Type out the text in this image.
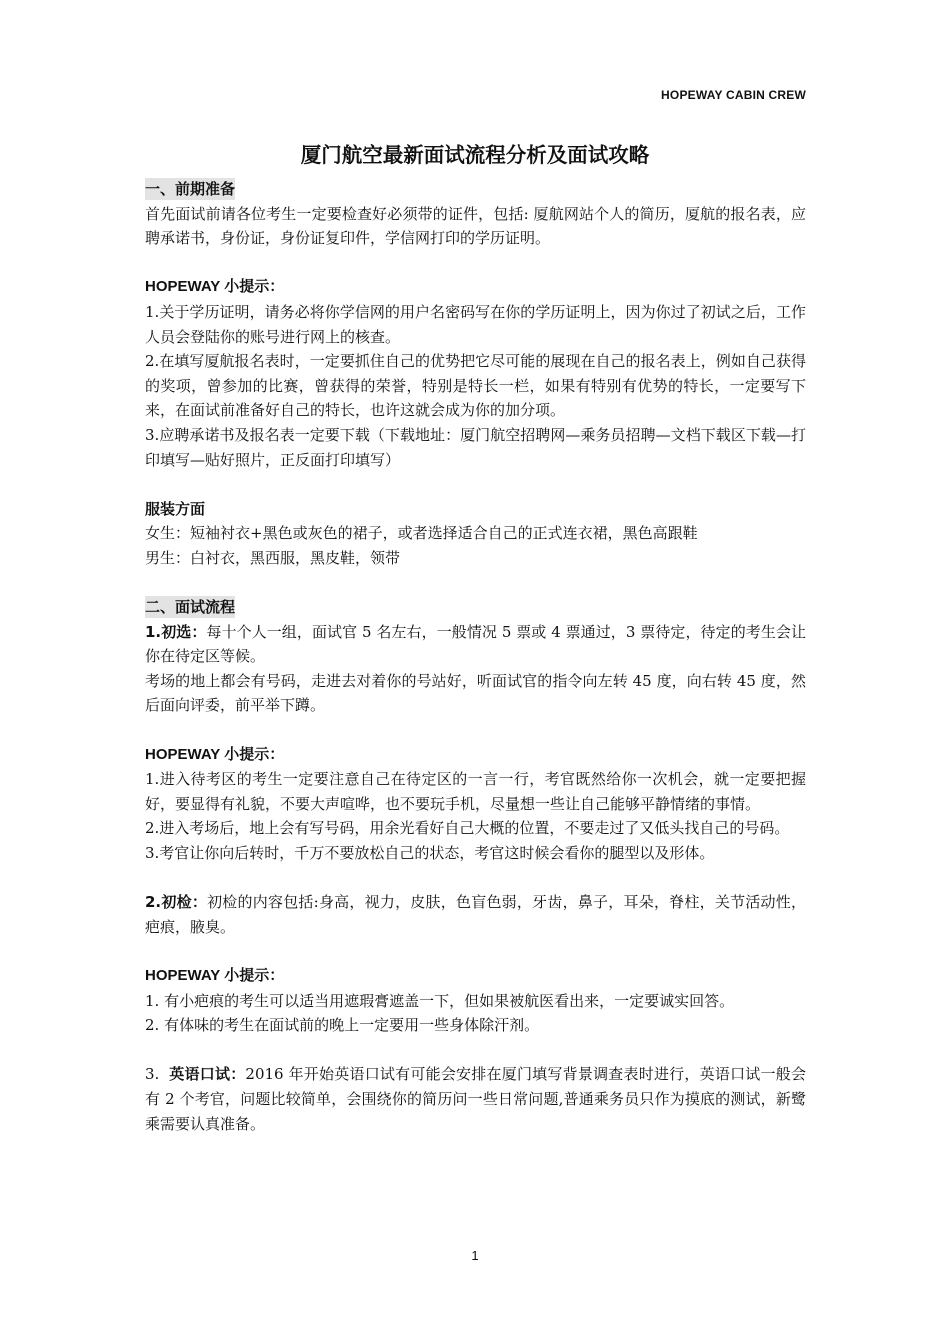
HOPEWAY CABIN CREW
厦门航空最新面试流程分析及面试攻略

一、前期准备

首先面试前请各位考生一定要检查好必须带的证件，包括: 厦航网站个人的简历，厦航的报名表，应聘承诺书，身份证，身份证复印件，学信网打印的学历证明。

HOPEWAY 小提示：

1.关于学历证明，请务必将你学信网的用户名密码写在你的学历证明上，因为你过了初试之后，工作人员会登陆你的账号进行网上的核查。

2.在填写厦航报名表时，一定要抓住自己的优势把它尽可能的展现在自己的报名表上，例如自己获得的奖项，曾参加的比赛，曾获得的荣誉，特别是特长一栏，如果有特别有优势的特长，一定要写下来，在面试前准备好自己的特长，也许这就会成为你的加分项。

3.应聘承诺书及报名表一定要下载（下载地址：厦门航空招聘网—乘务员招聘—文档下载区下载—打印填写—贴好照片，正反面打印填写）

服装方面

女生：短袖衬衣+黑色或灰色的裙子，或者选择适合自己的正式连衣裙，黑色高跟鞋

男生：白衬衣，黑西服，黑皮鞋，领带

二、面试流程

1.初选：每十个人一组，面试官 5 名左右，一般情况 5 票或 4 票通过，3 票待定，待定的考生会让你在待定区等候。

考场的地上都会有号码，走进去对着你的号站好，听面试官的指令向左转 45 度，向右转 45 度，然后面向评委，前平举下蹲。

HOPEWAY 小提示：

1.进入待考区的考生一定要注意自己在待定区的一言一行，考官既然给你一次机会，就一定要把握好，要显得有礼貌，不要大声喧哗，也不要玩手机，尽量想一些让自己能够平静情绪的事情。

2.进入考场后，地上会有写号码，用余光看好自己大概的位置，不要走过了又低头找自己的号码。

3.考官让你向后转时，千万不要放松自己的状态，考官这时候会看你的腿型以及形体。

2.初检：初检的内容包括:身高，视力，皮肤，色盲色弱，牙齿，鼻子，耳朵，脊柱，关节活动性，疤痕，腋臭。

HOPEWAY 小提示：

1. 有小疤痕的考生可以适当用遮瑕膏遮盖一下，但如果被航医看出来，一定要诚实回答。

2. 有体味的考生在面试前的晚上一定要用一些身体除汗剂。

3. 英语口试：2016 年开始英语口试有可能会安排在厦门填写背景调查表时进行，英语口试一般会有 2 个考官，问题比较简单，会围绕你的简历问一些日常问题,普通乘务员只作为摸底的测试，新鹭乘需要认真准备。

1
